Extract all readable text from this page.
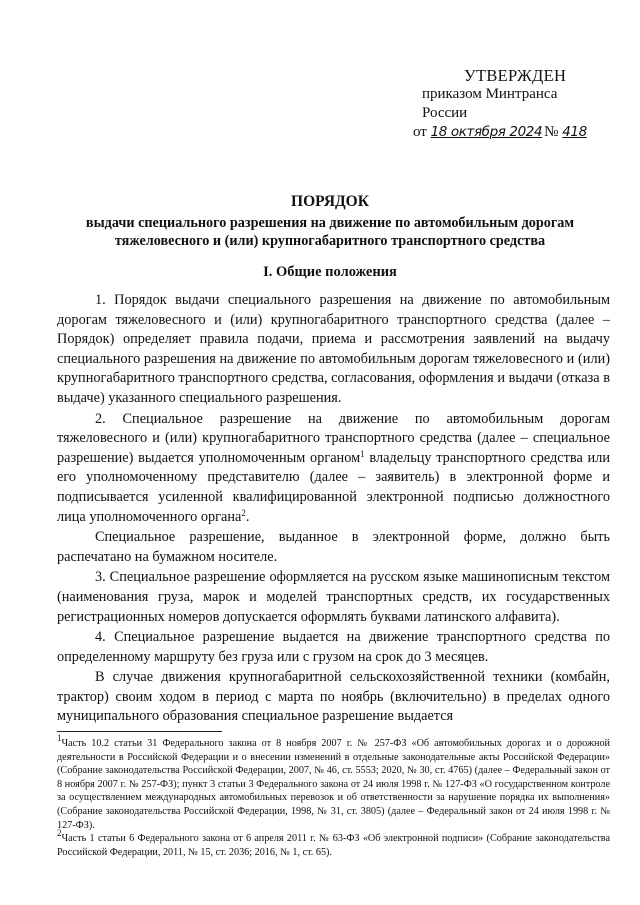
УТВЕРЖДЕН
приказом Минтранса России
от 18 октября 2024 № 418
ПОРЯДОК
выдачи специального разрешения на движение по автомобильным дорогам тяжеловесного и (или) крупногабаритного транспортного средства
I. Общие положения

1. Порядок выдачи специального разрешения на движение по автомобильным дорогам тяжеловесного и (или) крупногабаритного транспортного средства (далее – Порядок) определяет правила подачи, приема и рассмотрения заявлений на выдачу специального разрешения на движение по автомобильным дорогам тяжеловесного и (или) крупногабаритного транспортного средства, согласования, оформления и выдачи (отказа в выдаче) указанного специального разрешения.

2. Специальное разрешение на движение по автомобильным дорогам тяжеловесного и (или) крупногабаритного транспортного средства (далее – специальное разрешение) выдается уполномоченным органом$^1$ владельцу транспортного средства или его уполномоченному представителю (далее – заявитель) в электронной форме и подписывается усиленной квалифицированной электронной подписью должностного лица уполномоченного органа$^2$.

Специальное разрешение, выданное в электронной форме, должно быть распечатано на бумажном носителе.

3. Специальное разрешение оформляется на русском языке машинописным текстом (наименования груза, марок и моделей транспортных средств, их государственных регистрационных номеров допускается оформлять буквами латинского алфавита).

4. Специальное разрешение выдается на движение транспортного средства по определенному маршруту без груза или с грузом на срок до 3 месяцев.

В случае движения крупногабаритной сельскохозяйственной техники (комбайн, трактор) своим ходом в период с марта по ноябрь (включительно) в пределах одного муниципального образования специальное разрешение выдается

$^1$Часть 10.2 статьи 31 Федерального закона от 8 ноября 2007 г. № 257-ФЗ «Об автомобильных дорогах и о дорожной деятельности в Российской Федерации и о внесении изменений в отдельные законодательные акты Российской Федерации» (Собрание законодательства Российской Федерации, 2007, № 46, ст. 5553; 2020, № 30, ст. 4765) (далее – Федеральный закон от 8 ноября 2007 г. № 257-ФЗ); пункт 3 статьи 3 Федерального закона от 24 июля 1998 г. № 127-ФЗ «О государственном контроле за осуществлением международных автомобильных перевозок и об ответственности за нарушение порядка их выполнения» (Собрание законодательства Российской Федерации, 1998, № 31, ст. 3805) (далее – Федеральный закон от 24 июля 1998 г. № 127-ФЗ).

$^2$Часть 1 статьи 6 Федерального закона от 6 апреля 2011 г. № 63-ФЗ «Об электронной подписи» (Собрание законодательства Российской Федерации, 2011, № 15, ст. 2036; 2016, № 1, ст. 65).
